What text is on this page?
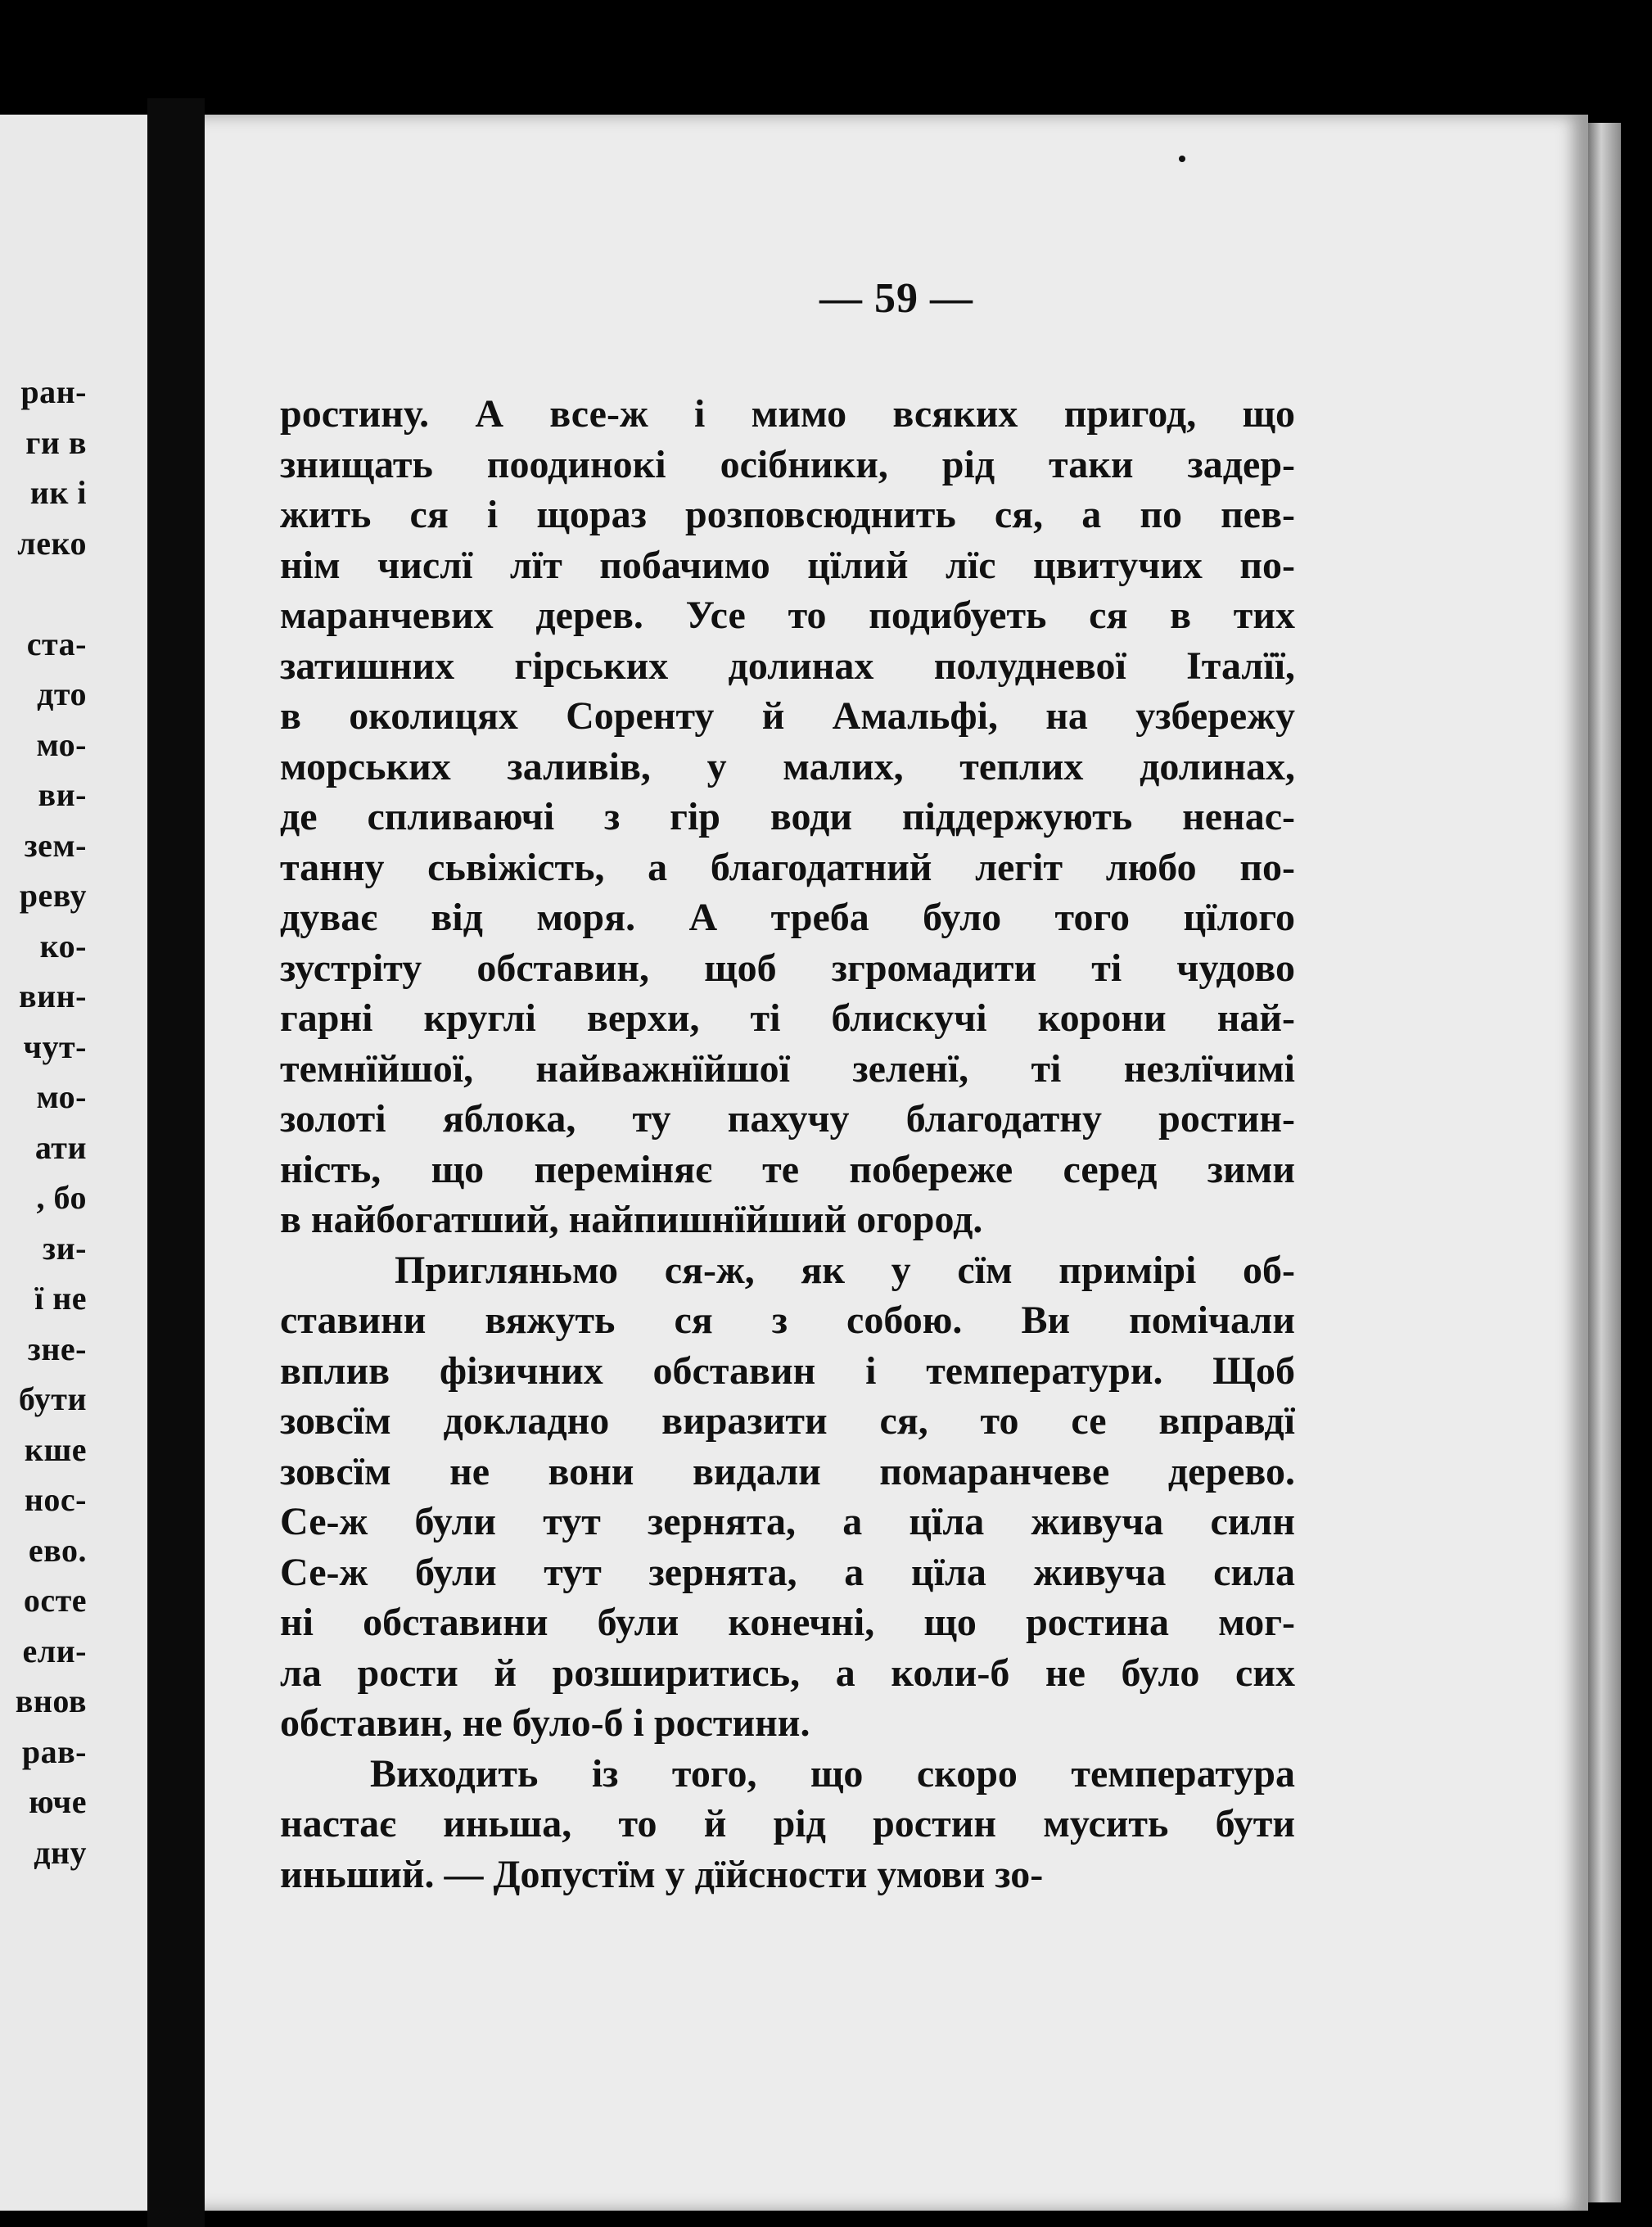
ран-
ги в
ик і
леко
ста-
дто
мо-
ви-
зем-
реву
ко-
вин-
чут-
мо-
ати
, бо
зи-
ї не
зне-
бути
кше
нос-
ево.
осте
ели-
внов
рав-
юче
дну
— 59 —
ростину. А все-ж і мимо всяких пригод, що
знищать поодинокі осібники, рід таки задер-
жить ся і щораз розповсюднить ся, а по пев-
нім числї лїт побачимо цїлий лїс цвитучих по-
маранчевих дерев. Усе то подибуеть ся в тих
затишних гірських долинах полудневої Італїї,
в околицях Соренту й Амальфі, на узбережу
морських заливів, у малих, теплих долинах,
де спливаючі з гір води піддержують ненас-
танну сьвіжість, а благодатний легіт любо по-
дуває від моря. А треба було того цїлого
зустріту обставин, щоб згромадити ті чудово
гарні круглі верхи, ті блискучі корони най-
темнїйшої, найважнїйшої зеленї, ті незлїчимі
золоті яблока, ту пахучу благодатну ростин-
ність, що переміняє те побереже серед зими
в найбогатший, найпишнїйший огород.
Пригляньмо ся-ж, як у сїм примірі об-
ставини вяжуть ся з собою. Ви помічали
вплив фізичних обставин і температури. Щоб
зовсїм докладно виразити ся, то се вправдї
зовсїм не вони видали помаранчеве дерево.
Се-ж були тут зернята, а цїла живуча силн
Се-ж були тут зернята, а цїла живуча сила
ні обставини були конечні, що ростина мог-
ла рости й розширитись, а коли-б не було сих
обставин, не було-б і ростини.
Виходить із того, що скоро температура
настає иньша, то й рід ростин мусить бути
иньший. — Допустїм у дїйсности умови зо-
